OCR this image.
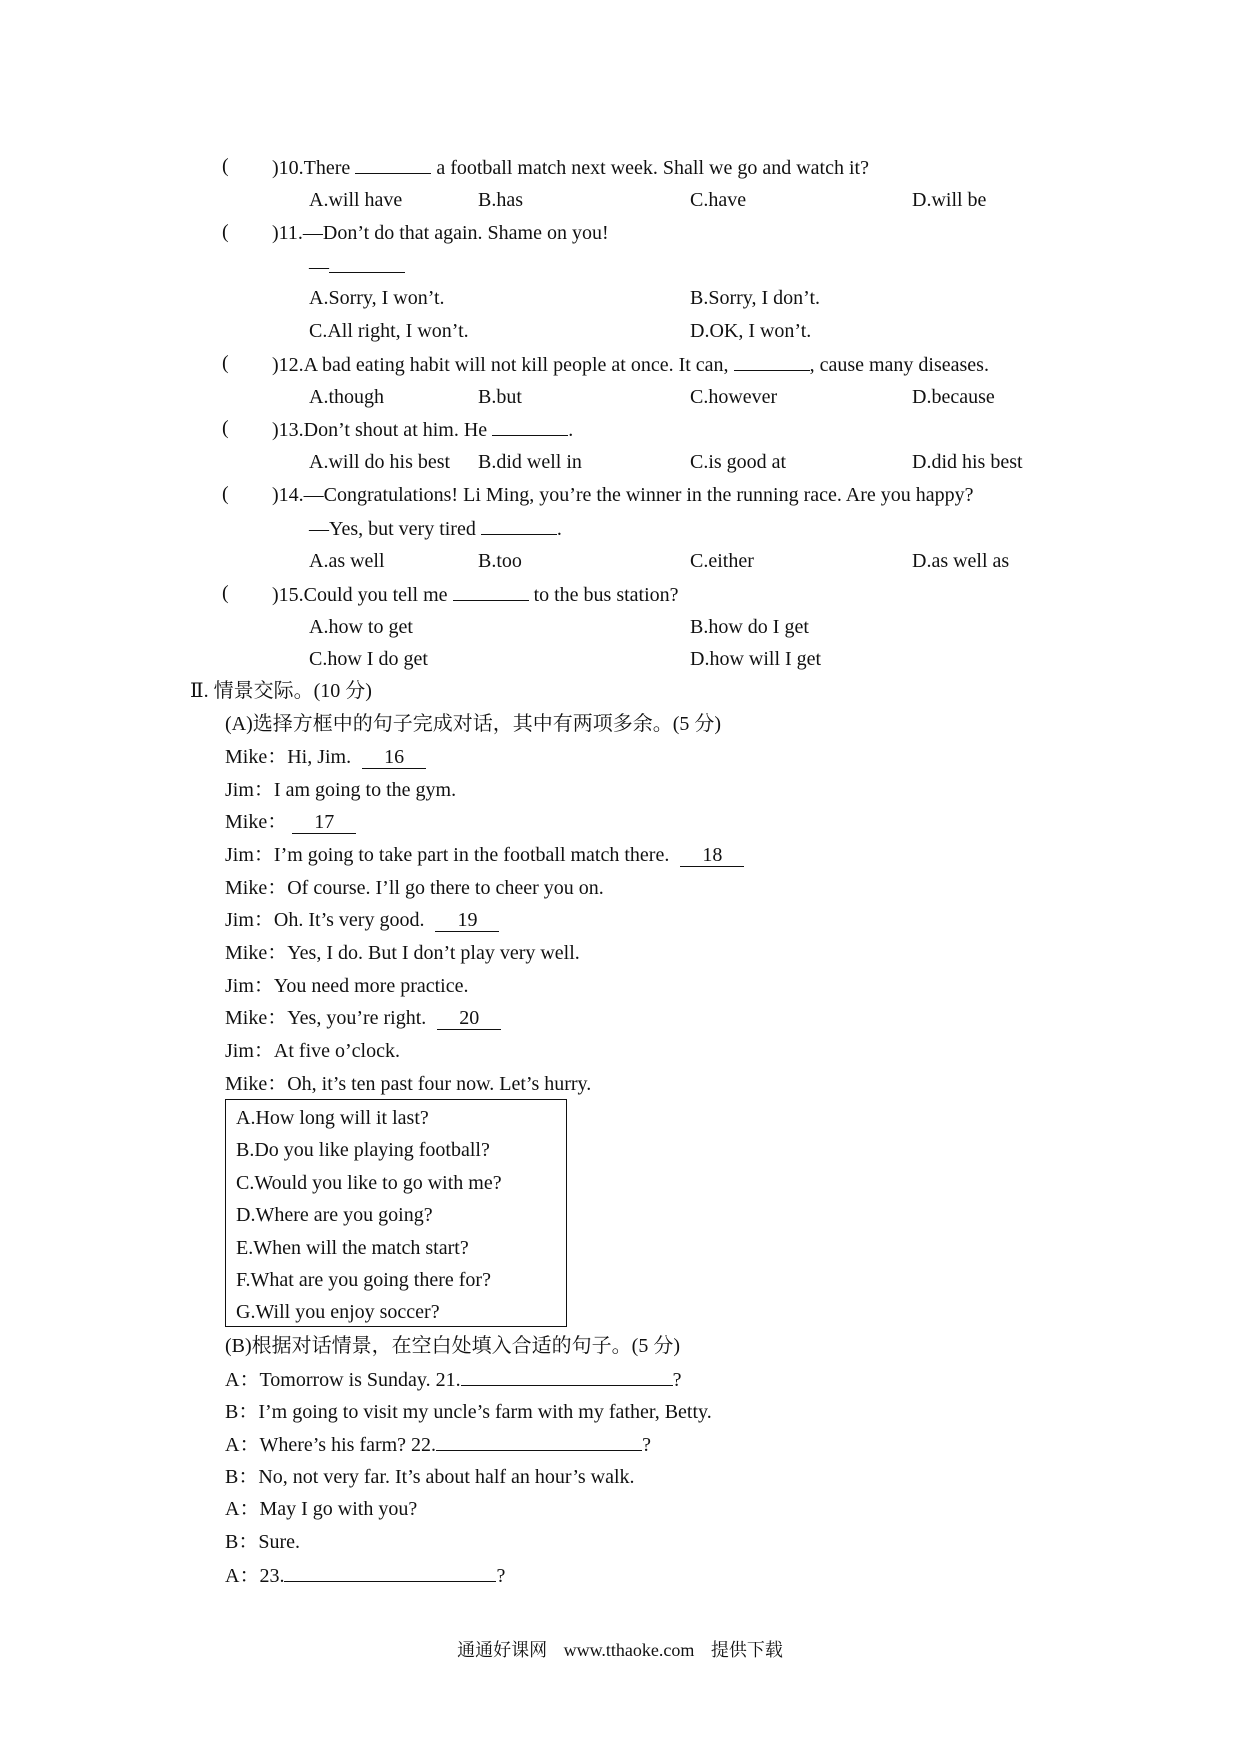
( )10.There	a football match next week. Shall we go and watch it?
A.will have	B.has	C.have	D.will be
( )11.—Don’t do that again. Shame on you!
—
A.Sorry, I won’t.	B.Sorry, I don’t.
C.All right, I won’t.	D.OK, I won’t.
( )12.A bad eating habit will not kill people at once. It can,	, cause many diseases.
A.though	B.but	C.however	D.because
( )13.Don’t shout at him. He	.
A.will do his best B.did well in	C.is good at	D.did his best
( )14.—Congratulations! Li Ming, you’re the winner in the running race. Are you happy?
—Yes, but very tired	.
A.as well	B.too	C.either	D.as well as
( )15.Could you tell me	to the bus station?
A.how to get	B.how do I get
C.how I do get	D.how will I get
Ⅱ. 情景交际。(10 分)
(A)选择方框中的句子完成对话，其中有两项多余。(5 分)
Mike：Hi, Jim. 16
Jim：I am going to the gym.
Mike： 17
Jim：I’m going to take part in the football match there. 18
Mike：Of course. I’ll go there to cheer you on.
Jim：Oh. It’s very good. 19
Mike：Yes, I do. But I don’t play very well.
Jim：You need more practice.
Mike：Yes, you’re right. 20
Jim：At five o’clock.
Mike：Oh, it’s ten past four now. Let’s hurry.
A.How long will it last?
B.Do you like playing football?
C.Would you like to go with me?
D.Where are you going?
E.When will the match start?
F.What are you going there for?
G.Will you enjoy soccer?
(B)根据对话情景，在空白处填入合适的句子。(5 分)
A：Tomorrow is Sunday. 21.	?
B：I’m going to visit my uncle’s farm with my father, Betty.
A：Where’s his farm? 22.	?
B：No, not very far. It’s about half an hour’s walk.
A：May I go with you?
B：Sure.
A：23.	?
通通好课网 www.tthaoke.com 提供下载
